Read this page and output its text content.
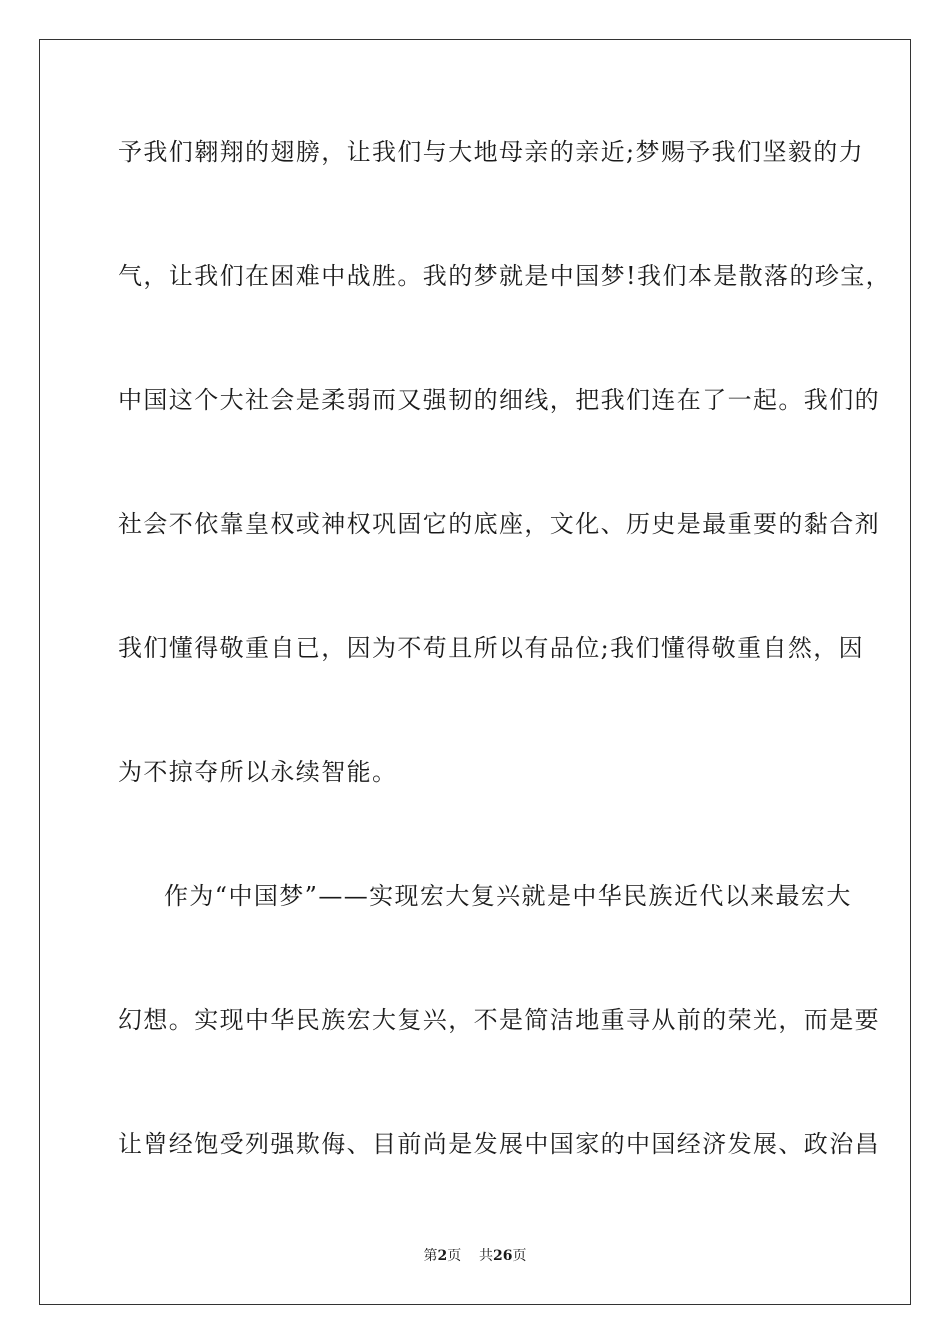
予我们翱翔的翅膀，让我们与大地母亲的亲近;梦赐予我们坚毅的力
气，让我们在困难中战胜。我的梦就是中国梦!我们本是散落的珍宝，
中国这个大社会是柔弱而又强韧的细线，把我们连在了一起。我们的
社会不依靠皇权或神权巩固它的底座，文化、历史是最重要的黏合剂
我们懂得敬重自已，因为不苟且所以有品位;我们懂得敬重自然，因
为不掠夺所以永续智能。
作为“中国梦”——实现宏大复兴就是中华民族近代以来最宏大
幻想。实现中华民族宏大复兴，不是简洁地重寻从前的荣光，而是要
让曾经饱受列强欺侮、目前尚是发展中国家的中国经济发展、政治昌
第2页 共26页
